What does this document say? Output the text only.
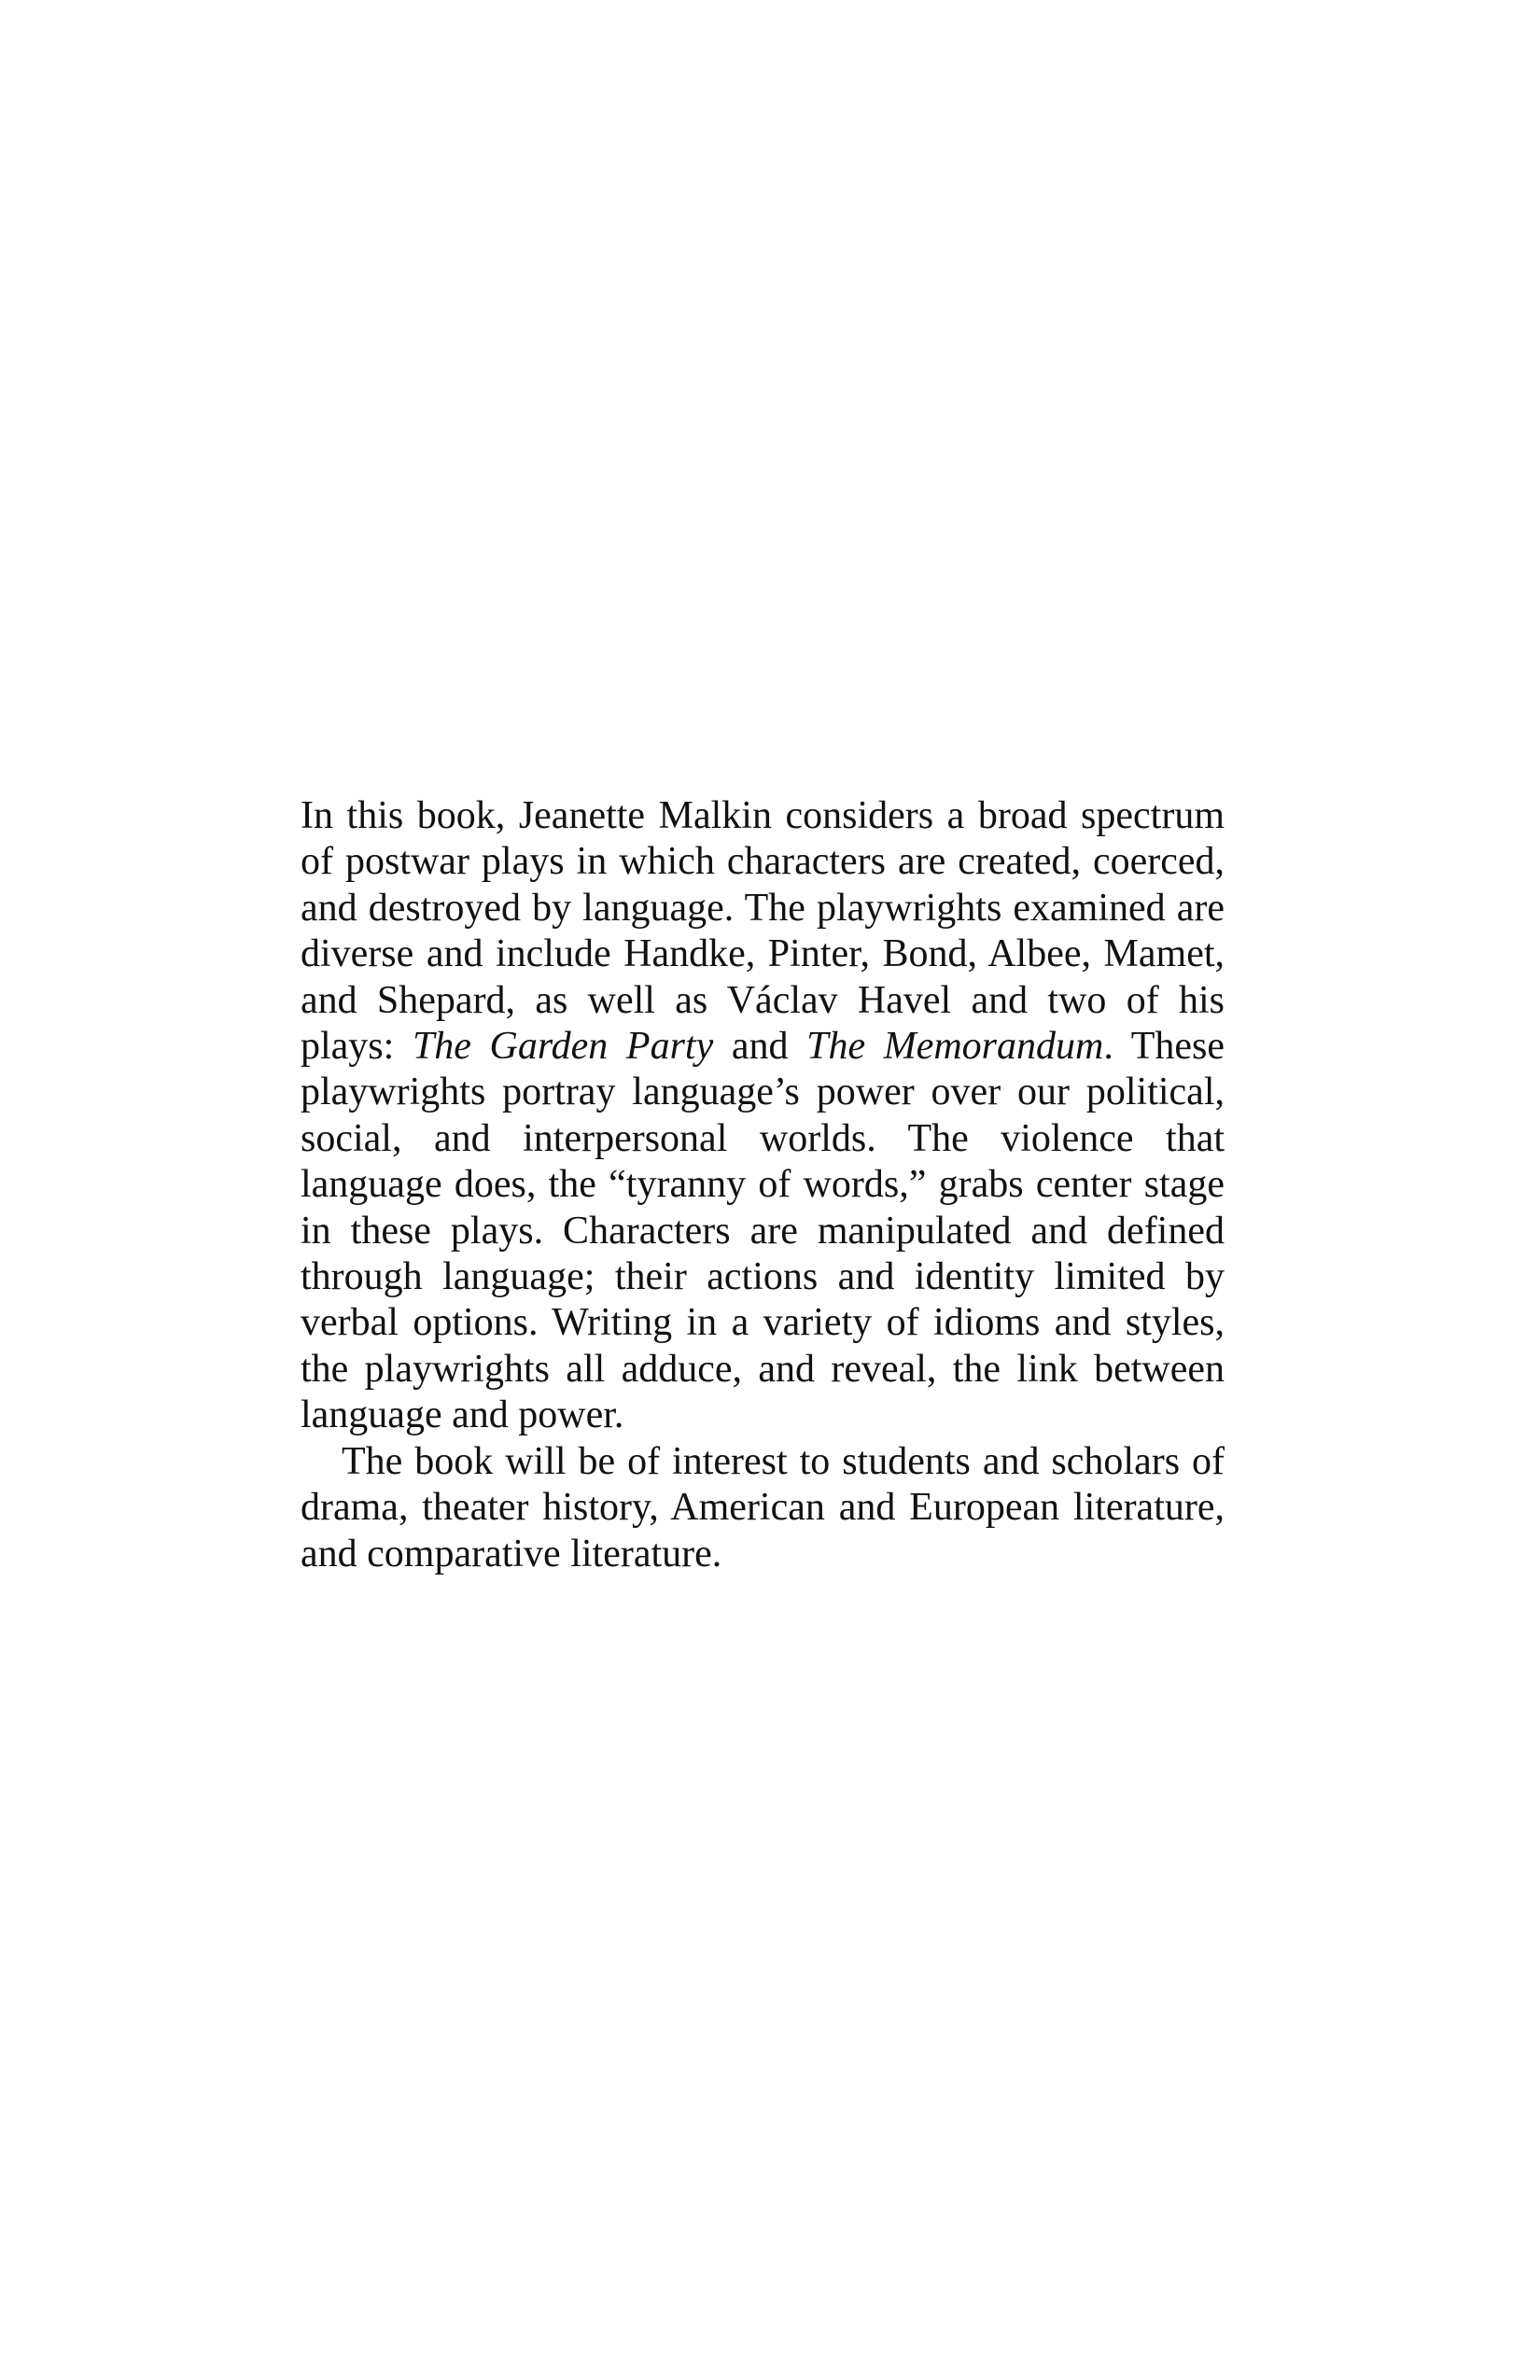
In this book, Jeanette Malkin considers a broad spectrum of postwar plays in which characters are created, coerced, and destroyed by language. The playwrights examined are diverse and include Handke, Pinter, Bond, Albee, Mamet, and Shepard, as well as Václav Havel and two of his plays: The Garden Party and The Memorandum. These playwrights portray language’s power over our political, social, and interpersonal worlds. The violence that language does, the “tyranny of words,” grabs center stage in these plays. Characters are manipulated and defined through language; their actions and identity limited by verbal options. Writing in a variety of idioms and styles, the playwrights all adduce, and reveal, the link between language and power.

The book will be of interest to students and scholars of drama, theater history, American and European literature, and comparative literature.
